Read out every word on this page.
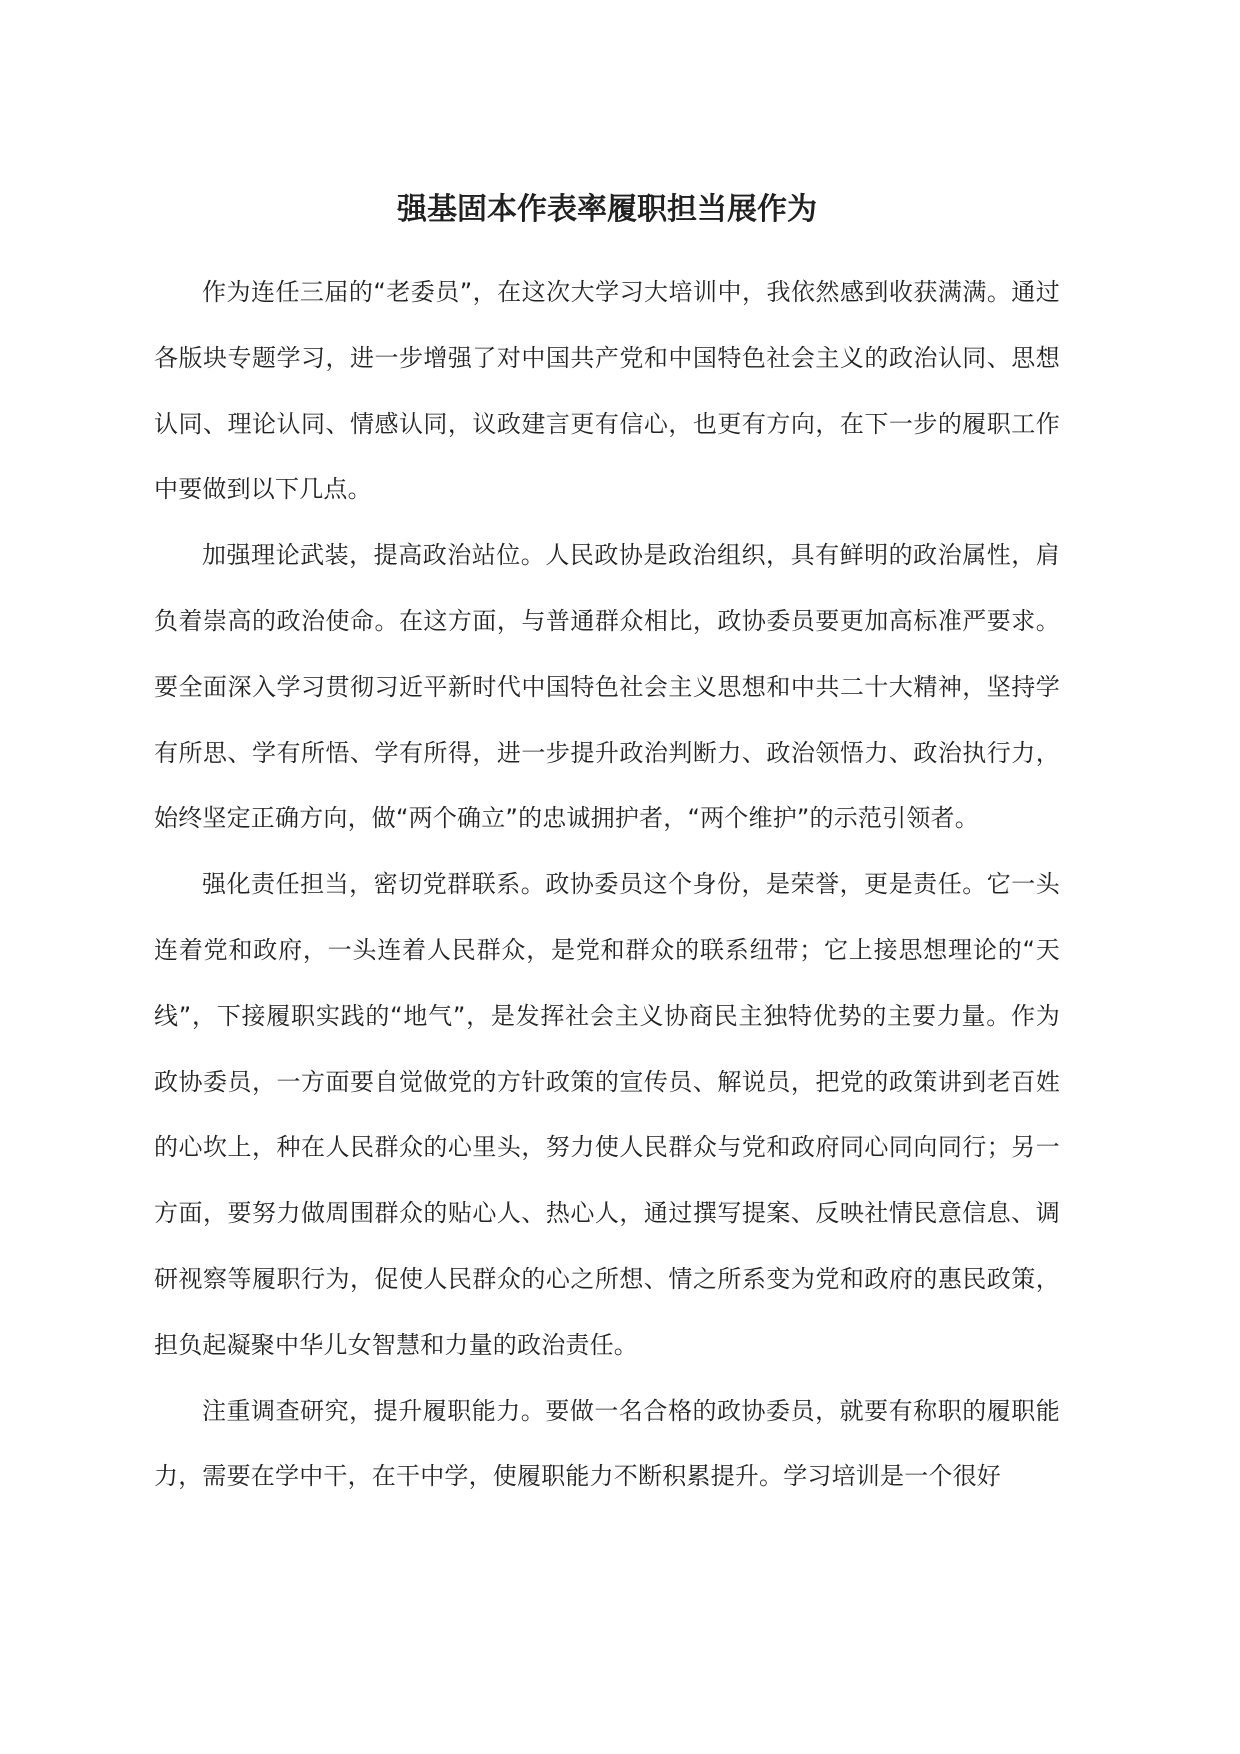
强基固本作表率履职担当展作为

作为连任三届的“老委员”，在这次大学习大培训中，我依然感到收获满满。通过各版块专题学习，进一步增强了对中国共产党和中国特色社会主义的政治认同、思想认同、理论认同、情感认同，议政建言更有信心，也更有方向，在下一步的履职工作中要做到以下几点。

加强理论武装，提高政治站位。人民政协是政治组织，具有鲜明的政治属性，肩负着崇高的政治使命。在这方面，与普通群众相比，政协委员要更加高标准严要求。要全面深入学习贯彻习近平新时代中国特色社会主义思想和中共二十大精神，坚持学有所思、学有所悟、学有所得，进一步提升政治判断力、政治领悟力、政治执行力，始终坚定正确方向，做“两个确立”的忠诚拥护者，“两个维护”的示范引领者。

强化责任担当，密切党群联系。政协委员这个身份，是荣誉，更是责任。它一头连着党和政府，一头连着人民群众，是党和群众的联系纽带；它上接思想理论的“天线”，下接履职实践的“地气”，是发挥社会主义协商民主独特优势的主要力量。作为政协委员，一方面要自觉做党的方针政策的宣传员、解说员，把党的政策讲到老百姓的心坎上，种在人民群众的心里头，努力使人民群众与党和政府同心同向同行；另一方面，要努力做周围群众的贴心人、热心人，通过撰写提案、反映社情民意信息、调研视察等履职行为，促使人民群众的心之所想、情之所系变为党和政府的惠民政策，担负起凝聚中华儿女智慧和力量的政治责任。

注重调查研究，提升履职能力。要做一名合格的政协委员，就要有称职的履职能力，需要在学中干，在干中学，使履职能力不断积累提升。学习培训是一个很好
